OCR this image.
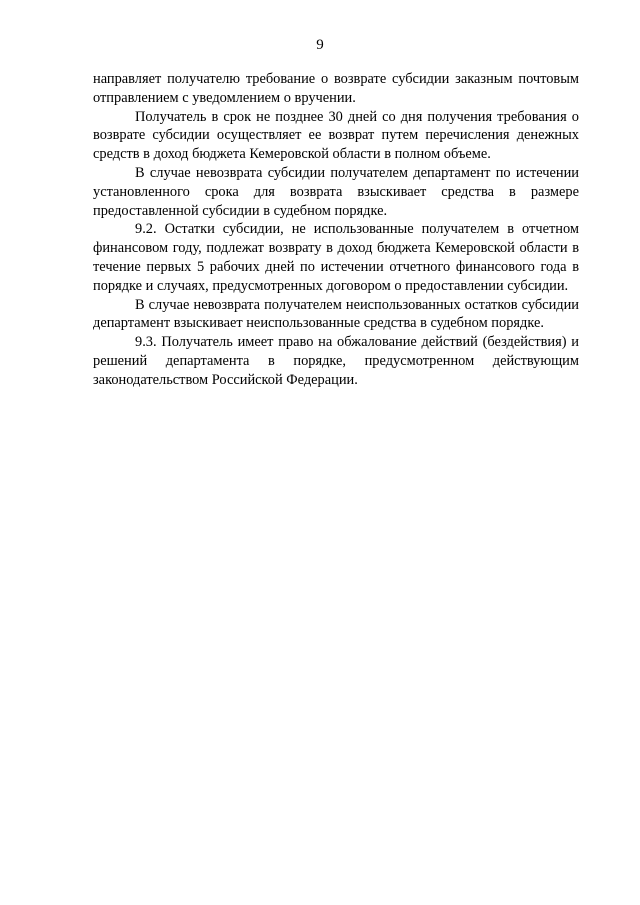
9

направляет получателю требование о возврате субсидии заказным почтовым отправлением с уведомлением о вручении.

Получатель в срок не позднее 30 дней со дня получения требования о возврате субсидии осуществляет ее возврат путем перечисления денежных средств в доход бюджета Кемеровской области в полном объеме.

В случае невозврата субсидии получателем департамент по истечении установленного срока для возврата взыскивает средства в размере предоставленной субсидии в судебном порядке.

9.2. Остатки субсидии, не использованные получателем в отчетном финансовом году, подлежат возврату в доход бюджета Кемеровской области в течение первых 5 рабочих дней по истечении отчетного финансового года в порядке и случаях, предусмотренных договором о предоставлении субсидии.

В случае невозврата получателем неиспользованных остатков субсидии департамент взыскивает неиспользованные средства в судебном порядке.

9.3. Получатель имеет право на обжалование действий (бездействия) и решений департамента в порядке, предусмотренном действующим законодательством Российской Федерации.
